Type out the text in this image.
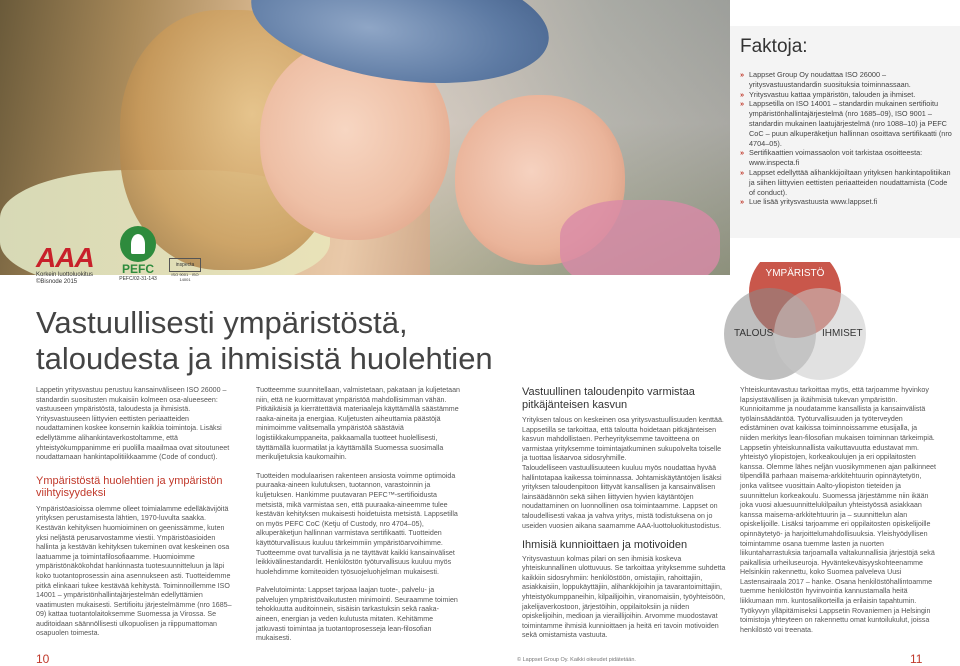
Faktoja:
» Lappset Group Oy noudattaa ISO 26000 – yritysvastuustandardin suosituksia toiminnassaan.
» Yritysvastuu kattaa ympäristön, talouden ja ihmiset.
» Lappsetilla on ISO 14001 – standardin mukainen sertifioitu ympäristönhallintajärjestelmä (nro 1685–09), ISO 9001 – standardin mukainen laatujärjestelmä (nro 1088–10) ja PEFC CoC – puun alkuperäketjun hallinnan osoittava sertifikaatti (nro 4704–05).
» Sertifikaattien voimassaolon voit tarkistaa osoitteesta: www.inspecta.fi
» Lappset edellyttää alihankkijoiltaan yrityksen hankintapolitiikan ja siihen liittyvien eettisten periaatteiden noudattamista (Code of conduct).
» Lue lisää yritysvastuusta www.lappset.fi
AAA
Korkein luottoluokitus
©Bisnode 2015
PEFC
PEFC/02-31-143
inspecta
ISO 9001 · ISO 14001
Vastuullisesti ympäristöstä,
taloudesta ja ihmisistä huolehtien
YMPÄRISTÖ
TALOUS	IHMISET

Lappetin yritysvastuu perustuu kansainväliseen ISO 26000 – standardin suositusten mukaisiin kolmeen osa-alueeseen: vastuuseen ympäristöstä, taloudesta ja ihmisistä. Yritysvastuuseen liittyvien eettisten periaatteiden noudattaminen koskee konsernin kaikkia toimintoja. Lisäksi edellytämme alihankintaverkostoltamme, että yhteistyökumppanimme eri puolilla maailmaa ovat sitoutuneet noudattamaan hankintapolitiikkaamme (Code of conduct).

Ympäristöstä huolehtien ja ympäristön viihtyisyydeksi

Ympäristöasioissa olemme olleet toimialamme edelläkävijöitä yrityksen perustamisesta lähtien, 1970-luvulta saakka. Kestävän kehityksen huomioiminen on geenissämme, kuten yksi neljästä perusarvostamme viestii. Ympäristöasioiden hallinta ja kestävän kehityksen tukeminen ovat keskeinen osa laatuamme ja toimintafilosofiaamme. Huomioimme ympäristönäkökohdat hankinnasta tuotesuunnitteluun ja läpi koko tuotantoprosessin aina asennukseen asti. Tuotteidemme pitkä elinkaari tukee kestävää kehitystä. Toiminnoillemme ISO 14001 – ympäristönhallintajärjestelmän edellyttämien vaatimusten mukaisesti. Sertifioitu järjestelmämme (nro 1685–09) kattaa tuotantolaitoksemme Suomessa ja Virossa. Se auditoidaan säännöllisesti ulkopuolisen ja riippumattoman osapuolen toimesta.

Tuotteemme suunnitellaan, valmistetaan, pakataan ja kuljetetaan niin, että ne kuormittavat ympäristöä mahdollisimman vähän. Pitkäikäisiä ja kierrätettäviä materiaaleja käyttämällä säästämme raaka-aineita ja energiaa. Kuljetusten aiheuttamia päästöjä minimoimme valitsemalla ympäristöä säästäviä logistiikkakumppaneita, pakkaamalla tuotteet huolellisesti, täyttämällä kuormatilat ja käyttämällä Suomessa suosimalla merikuljetuksia kaukomaihin.

Tuotteiden modulaarisen rakenteen ansiosta voimme optimoida puuraaka-aineen kulutuksen, tuotannon, varastoinnin ja kuljetuksen. Hankimme puutavaran PEFC™-sertifioidusta metsistä, mikä varmistaa sen, että puuraaka-aineemme tulee kestävän kehityksen mukaisesti hoidetuista metsistä. Lappsetilla on myös PEFC CoC (Ketju of Custody, nro 4704–05), alkuperäketjun hallinnan varmistava sertifikaatti. Tuotteiden käyttöturvallisuus kuuluu tärkeimmiin ympäristöarvoihimme. Tuotteemme ovat turvallisia ja ne täyttävät kaikki kansainväliset leikkivälinestandardit. Henkilöstön työturvallisuus kuuluu myös huolehdimme komiteoiden työsuojeluohjelman mukaisesti.

Palvelutoiminta: Lappset tarjoaa laajan tuote-, palvelu- ja palvelujen ympäristövaikutusten minimointi. Seuraamme toimien tehokkuutta auditoinnein, sisäisin tarkastuksin sekä raaka-aineen, energian ja veden kulutusta mitaten. Kehitämme jatkuvasti toimintaa ja tuotantoprosesseja lean-filosofian mukaisesti.

Vastuullinen taloudenpito varmistaa pitkäjänteisen kasvun

Yrityksen talous on keskeinen osa yritysvastuullisuuden kenttää. Lappsetilla se tarkoittaa, että taloutta hoidetaan pitkäjänteisen kasvun mahdollistaen. Perheyrityksemme tavoitteena on varmistaa yrityksemme toimintajatkuminen sukupolvelta toiselle ja tuottaa lisäarvoa sidosryhmille.

Taloudelliseen vastuullisuuteen kuuluu myös noudattaa hyvää hallintotapaa kaikessa toiminnassa. Johtamiskäytäntöjen lisäksi yrityksen taloudenpitoon liittyvät kansallisen ja kansainvälisen lainsäädännön sekä siihen liittyvien hyvien käytäntöjen noudattaminen on luonnollinen osa toimintaamme. Lappset on taloudellisesti vakaa ja vahva yritys, mistä todistuksena on jo useiden vuosien aikana saamamme AAA-luottoluokitustodistus.

Ihmisiä kunnioittaen ja motivoiden

Yritysvastuun kolmas pilari on sen ihmisiä koskeva yhteiskunnallinen ulottuvuus. Se tarkoittaa yrityksemme suhdetta kaikkiin sidosryhmiin: henkilöstöön, omistajiin, rahoittajiin, asiakkaisiin, loppukäyttäjiin, alihankkijoihin ja tavarantoimittajiin, yhteistyökumppaneihin, kilpailijoihin, viranomaisiin, työyhteisöön, jakelijaverkostoon, järjestöihin, oppilaitoksiin ja niiden opiskelijoihin, medioan ja vieraillijoihin. Arvomme muodostavat toimintamme ihmisiä kunnioittaen ja heitä eri tavoin motivoiden sekä omistamista vastuuta.

Yhteiskuntavastuu tarkoittaa myös, että tarjoamme hyvinkoy lapsiystävällisen ja ikäihmisiä tukevan ympäristön. Kunnioitamme ja noudatamme kansallista ja kansainvälistä työlainsäädäntöä. Työturvallisuuden ja työterveyden edistäminen ovat kaikissa toiminnoissamme etusijalla, ja niiden merkitys lean-filosofian mukaisen toiminnan tärkeimpiä. Lappsetin yhteiskunnallista vaikuttavuutta edustavat mm. yhteistyö yliopistojen, korkeakoulujen ja eri oppilaitosten kanssa. Olemme lähes neljän vuosikymmenen ajan palkinneet tilpendillä parhaan maisema-arkkitehtuurin opinnäytetyön, jonka valitsee vuosittain Aalto-yliopiston tieteiden ja suunnittelun korkeakoulu. Suomessa järjestämme niin ikään joka vuosi aluesuunnittelukilpailun yhteistyössä asiakkaan kanssa maisema-arkkitehtuurin ja – suunnittelun alan opiskelijoille. Lisäksi tarjoamme eri oppilaitosten opiskelijoille opinnäytetyö- ja harjoittelumahdollisuuksia. Yleishyödyllisen toimintamme osana tuemme lasten ja nuorten liikuntaharrastuksia tarjoamalla valtakunnallisia järjestöjä sekä paikallisia urheiluseuroja. Hyväntekeväisyyskohteenamme Helsinkiin rakennettu, koko Suomea palveleva Uusi Lastensairaala 2017 – hanke. Osana henkilöstöhallintoamme tuemme henkilöstön hyvinvointia kannustamalla heitä liikkumaan mm. kuntosalikorteilla ja erilaisin tapahtumin. Työkyvyn ylläpitämiseksi Lappsetin Rovaniemen ja Helsingin toimistoja yhteyteen on rakennettu omat kuntoilukulut, joissa henkilöstö voi treenata.

10	© Lappset Group Oy. Kaikki oikeudet pidätetään.	11
